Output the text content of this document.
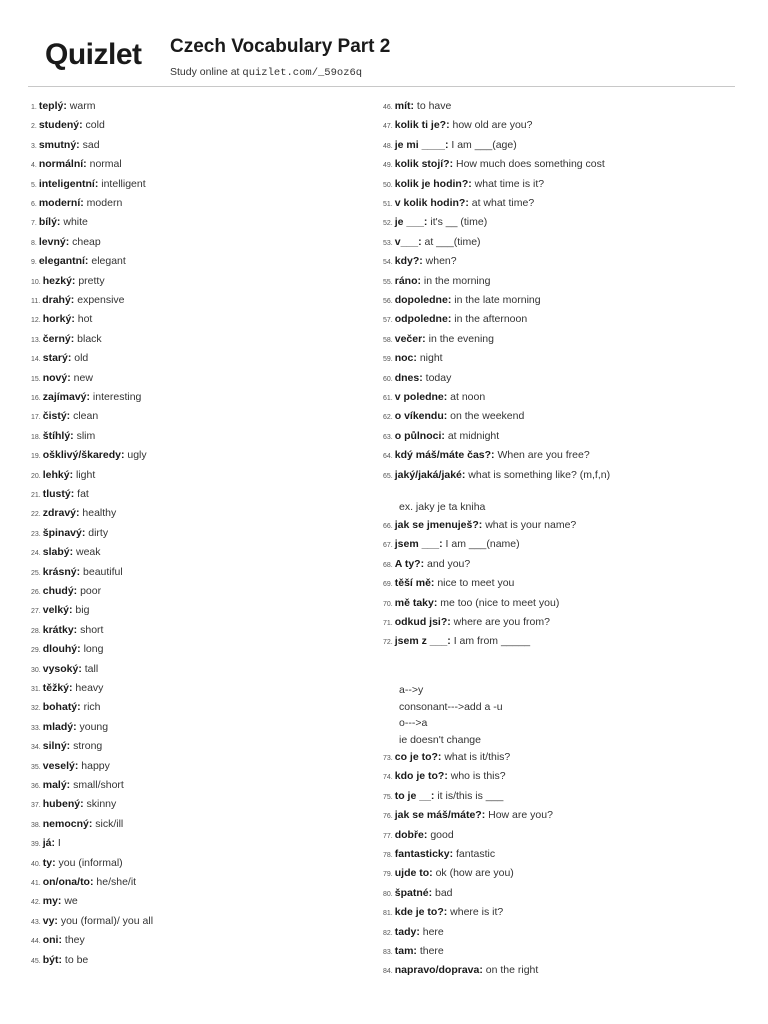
Quizlet Czech Vocabulary Part 2
Study online at quizlet.com/_59oz6q
1. teplý: warm
2. studený: cold
3. smutný: sad
4. normální: normal
5. inteligentní: intelligent
6. moderní: modern
7. bílý: white
8. levný: cheap
9. elegantní: elegant
10. hezký: pretty
11. drahý: expensive
12. horký: hot
13. černý: black
14. starý: old
15. nový: new
16. zajímavý: interesting
17. čistý: clean
18. štíhlý: slim
19. ošklivý/škaredy: ugly
20. lehký: light
21. tlustý: fat
22. zdravý: healthy
23. špinavý: dirty
24. slabý: weak
25. krásný: beautiful
26. chudý: poor
27. velký: big
28. krátky: short
29. dlouhý: long
30. vysoký: tall
31. těžký: heavy
32. bohatý: rich
33. mladý: young
34. silný: strong
35. veselý: happy
36. malý: small/short
37. hubený: skinny
38. nemocný: sick/ill
39. já: I
40. ty: you (informal)
41. on/ona/to: he/she/it
42. my: we
43. vy: you (formal)/ you all
44. oni: they
45. být: to be
46. mít: to have
47. kolik ti je?: how old are you?
48. je mi ____: I am ___(age)
49. kolik stojí?: How much does something cost
50. kolik je hodin?: what time is it?
51. v kolik hodin?: at what time?
52. je ___: it's __ (time)
53. v___: at ___(time)
54. kdy?: when?
55. ráno: in the morning
56. dopoledne: in the late morning
57. odpoledne: in the afternoon
58. večer: in the evening
59. noc: night
60. dnes: today
61. v poledne: at noon
62. o víkendu: on the weekend
63. o půlnoci: at midnight
64. kdý máš/máte čas?: When are you free?
65. jaký/jaká/jaké: what is something like? (m,f,n)
ex. jaky je ta kniha
66. jak se jmenuješ?: what is your name?
67. jsem ___: I am ___(name)
68. A ty?: and you?
69. těší mě: nice to meet you
70. mě taky: me too (nice to meet you)
71. odkud jsi?: where are you from?
72. jsem z ___: I am from _____
a-->y
consonant--->add a -u
o--->a
ie doesn't change
73. co je to?: what is it/this?
74. kdo je to?: who is this?
75. to je __: it is/this is ___
76. jak se máš/máte?: How are you?
77. dobře: good
78. fantasticky: fantastic
79. ujde to: ok (how are you)
80. špatné: bad
81. kde je to?: where is it?
82. tady: here
83. tam: there
84. napravo/doprava: on the right
